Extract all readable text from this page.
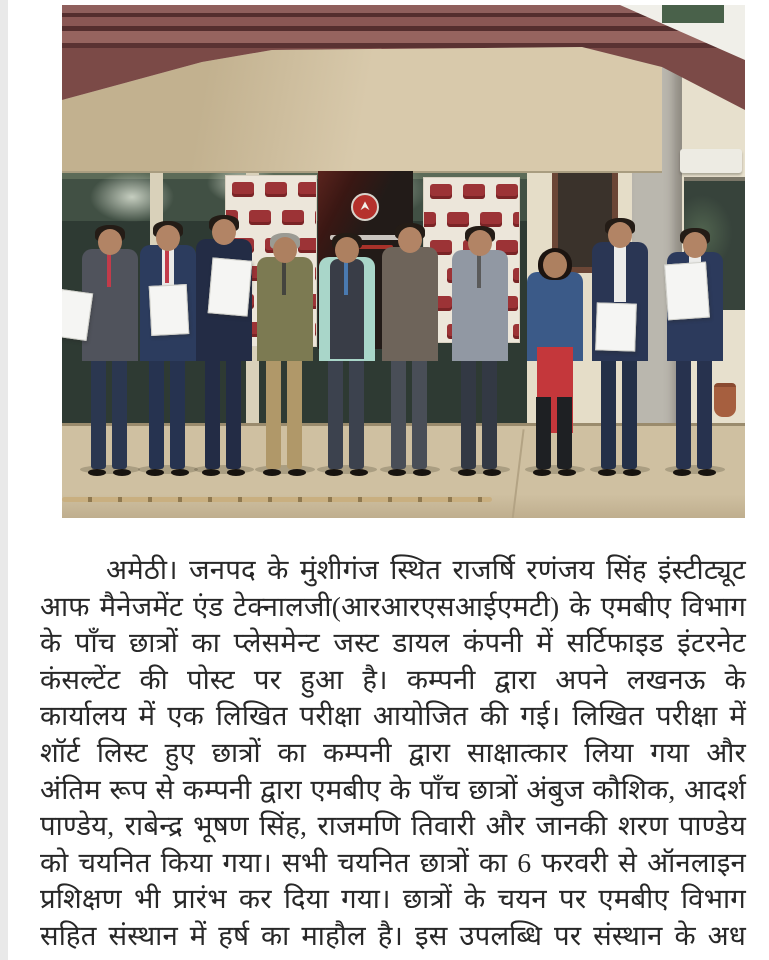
अमेठी। जनपद के मुंशीगंज स्थित राजर्षि रणंजय सिंह इंस्टीट्यूट
आफ मैनेजमेंट एंड टेक्नालजी(आरआरएसआईएमटी) के एमबीए विभाग
के पाँच छात्रों का प्लेसमेन्ट जस्ट डायल कंपनी में सर्टिफाइड इंटरनेट
कंसल्टेंट की पोस्ट पर हुआ है। कम्पनी द्वारा अपने लखनऊ के
कार्यालय में एक लिखित परीक्षा आयोजित की गई। लिखित परीक्षा में
शॉर्ट लिस्ट हुए छात्रों का कम्पनी द्वारा साक्षात्कार लिया गया और
अंतिम रूप से कम्पनी द्वारा एमबीए के पाँच छात्रों अंबुज कौशिक, आदर्श
पाण्डेय, राबेन्द्र भूषण सिंह, राजमणि तिवारी और जानकी शरण पाण्डेय
को चयनित किया गया। सभी चयनित छात्रों का 6 फरवरी से ऑनलाइन
प्रशिक्षण भी प्रारंभ कर दिया गया। छात्रों के चयन पर एमबीए विभाग
सहित संस्थान में हर्ष का माहौल है। इस उपलब्धि पर संस्थान के अध
